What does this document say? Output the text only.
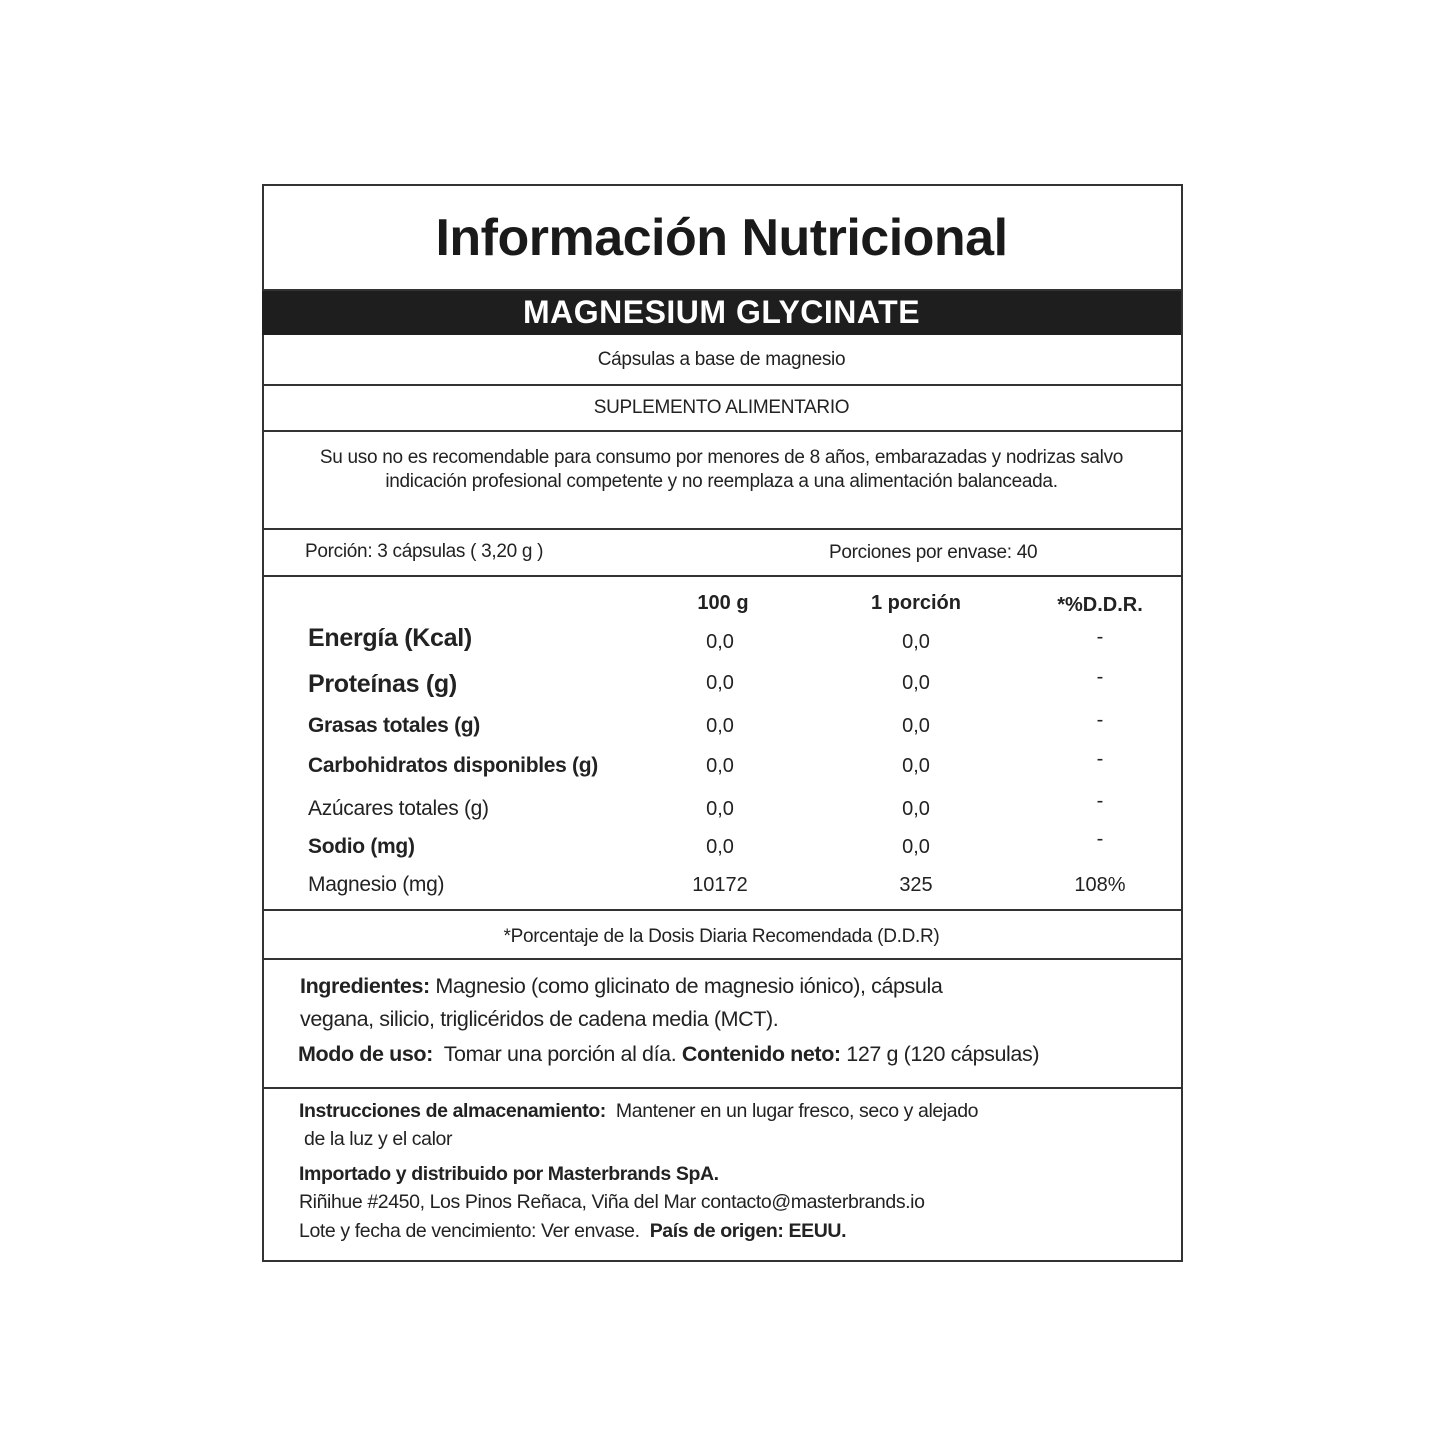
Información Nutricional
MAGNESIUM GLYCINATE
Cápsulas a base de magnesio
SUPLEMENTO ALIMENTARIO
Su uso no es recomendable para consumo por menores de 8 años, embarazadas y nodrizas salvo indicación profesional competente y no reemplaza a una alimentación balanceada.
Porción: 3 cápsulas ( 3,20 g )	Porciones por envase: 40
100 g	1 porción	*%D.D.R.
Energía (Kcal)	0,0	0,0	-
Proteínas (g)	0,0	0,0	-
Grasas totales (g)	0,0	0,0	-
Carbohidratos disponibles (g)	0,0	0,0	-
Azúcares totales (g)	0,0	0,0	-
Sodio (mg)	0,0	0,0	-
Magnesio (mg)	10172	325	108%
*Porcentaje de la Dosis Diaria Recomendada (D.D.R)
Ingredientes: Magnesio (como glicinato de magnesio iónico), cápsula
vegana, silicio, triglicéridos de cadena media (MCT).
Modo de uso:  Tomar una porción al día. Contenido neto: 127 g (120 cápsulas)
Instrucciones de almacenamiento:  Mantener en un lugar fresco, seco y alejado
de la luz y el calor
Importado y distribuido por Masterbrands SpA.
Riñihue #2450, Los Pinos Reñaca, Viña del Mar contacto@masterbrands.io
Lote y fecha de vencimiento: Ver envase.  País de origen: EEUU.
